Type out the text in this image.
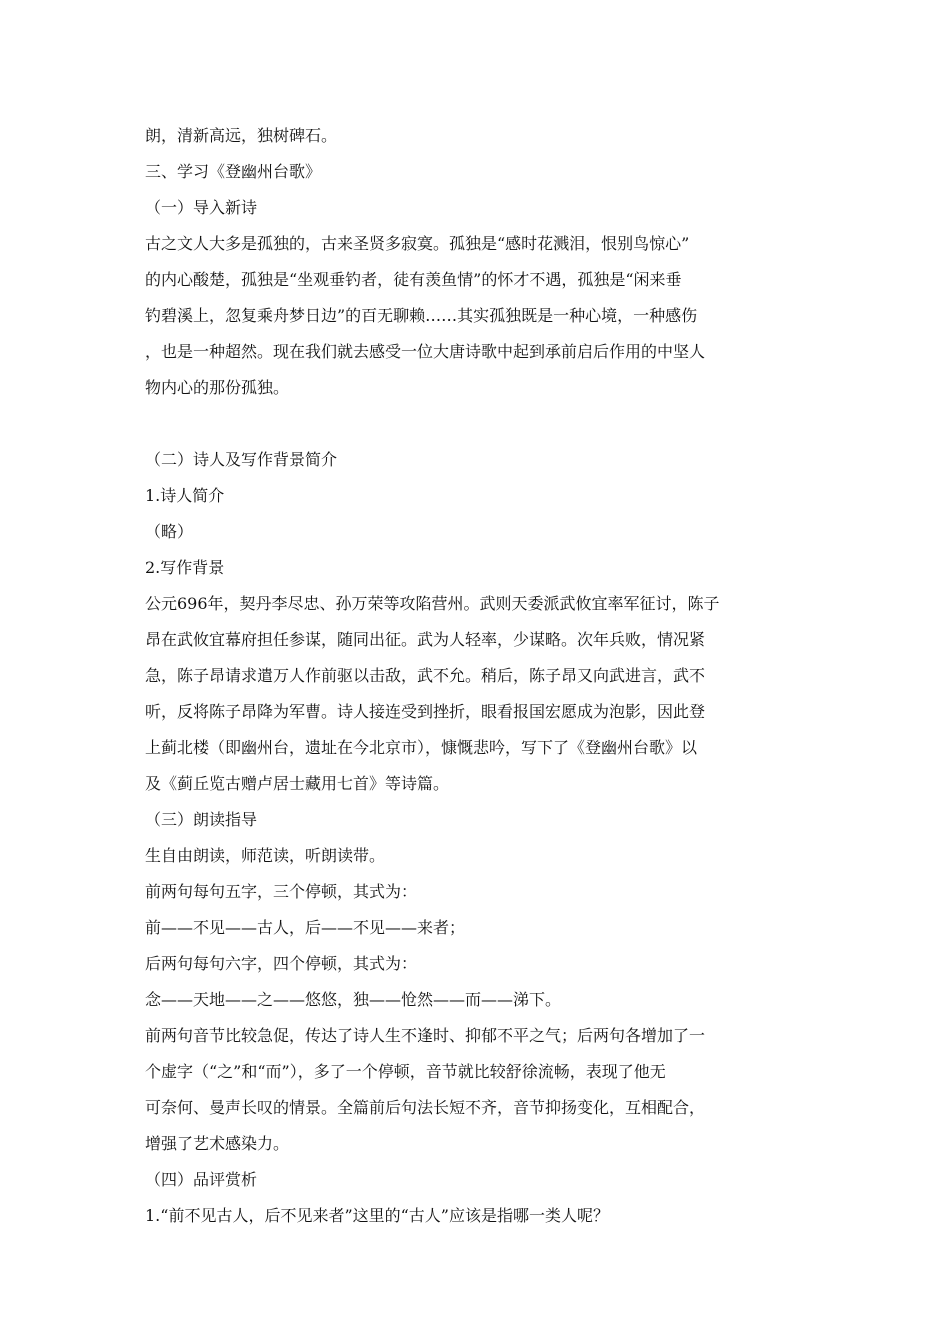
朗，清新高远，独树碑石。
三、学习《登幽州台歌》
（一）导入新诗
古之文人大多是孤独的，古来圣贤多寂寞。孤独是“感时花溅泪，恨别鸟惊心”
的内心酸楚，孤独是“坐观垂钓者，徒有羡鱼情”的怀才不遇，孤独是“闲来垂
钓碧溪上，忽复乘舟梦日边”的百无聊赖……其实孤独既是一种心境，一种感伤
，也是一种超然。现在我们就去感受一位大唐诗歌中起到承前启后作用的中坚人
物内心的那份孤独。
（二）诗人及写作背景简介
1.诗人简介
（略）
2.写作背景
公元696年，契丹李尽忠、孙万荣等攻陷营州。武则天委派武攸宜率军征讨，陈子
昂在武攸宜幕府担任参谋，随同出征。武为人轻率，少谋略。次年兵败，情况紧
急，陈子昂请求遣万人作前驱以击敌，武不允。稍后，陈子昂又向武进言，武不
听，反将陈子昂降为军曹。诗人接连受到挫折，眼看报国宏愿成为泡影，因此登
上蓟北楼（即幽州台，遗址在今北京市），慷慨悲吟，写下了《登幽州台歌》以
及《蓟丘览古赠卢居士藏用七首》等诗篇。
（三）朗读指导
生自由朗读，师范读，听朗读带。
前两句每句五字，三个停顿，其式为：
前——不见——古人，后——不见——来者；
后两句每句六字，四个停顿，其式为：
念——天地——之——悠悠，独——怆然——而——涕下。
前两句音节比较急促，传达了诗人生不逢时、抑郁不平之气；后两句各增加了一
个虚字（“之”和“而”），多了一个停顿，音节就比较舒徐流畅，表现了他无
可奈何、曼声长叹的情景。全篇前后句法长短不齐，音节抑扬变化，互相配合，
增强了艺术感染力。
（四）品评赏析
1.“前不见古人，后不见来者”这里的“古人”应该是指哪一类人呢？
